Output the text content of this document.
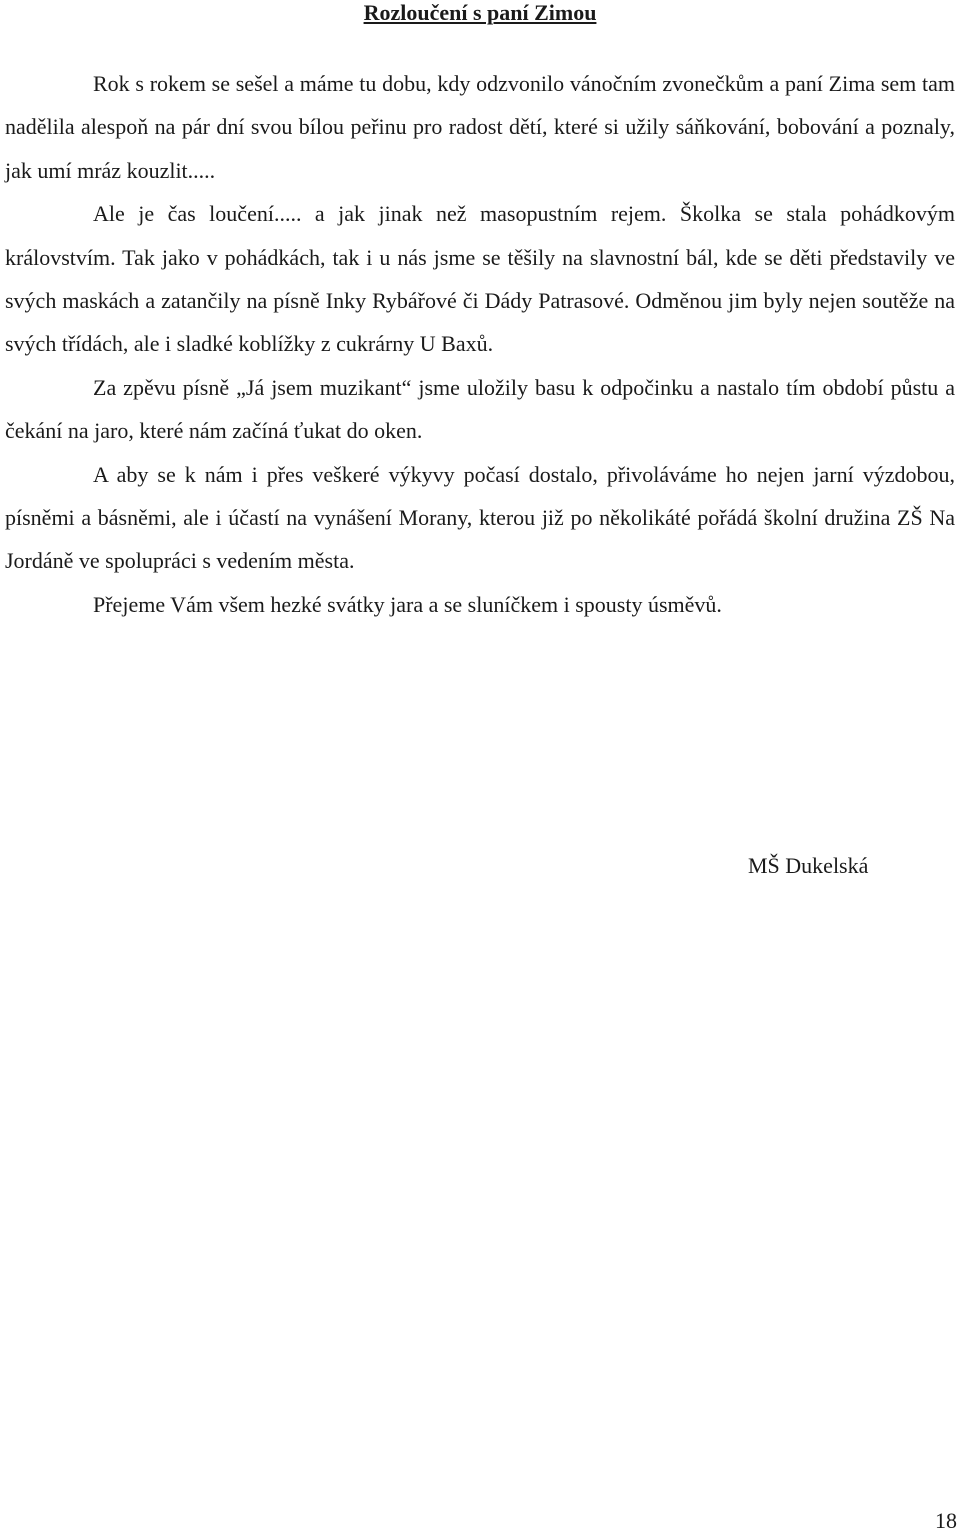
Rozloučení s paní Zimou

Rok s rokem se sešel a máme tu dobu, kdy odzvonilo vánočním zvonečkům a paní Zima sem tam nadělila alespoň na pár dní svou bílou peřinu pro radost dětí, které si užily sáňkování, bobování a poznaly, jak umí mráz kouzlit.....

Ale je čas loučení..... a jak jinak než masopustním rejem. Školka se stala pohádkovým královstvím. Tak jako v pohádkách, tak i u nás jsme se těšily na slavnostní bál, kde se děti představily ve svých maskách a zatančily na písně Inky Rybářové či Dády Patrasové. Odměnou jim byly nejen soutěže na svých třídách, ale i sladké koblížky z cukrárny U Baxů.

Za zpěvu písně „Já jsem muzikant“ jsme uložily basu k odpočinku a nastalo tím období půstu a čekání na jaro, které nám začíná ťukat do oken.

A aby se k nám i přes veškeré výkyvy počasí dostalo, přivoláváme ho nejen jarní výzdobou, písněmi a básněmi, ale i účastí na vynášení Morany, kterou již po několikáté pořádá školní družina ZŠ Na Jordáně ve spolupráci s vedením města.

Přejeme Vám všem hezké svátky jara a se sluníčkem i spousty úsměvů.

MŠ Dukelská
18
